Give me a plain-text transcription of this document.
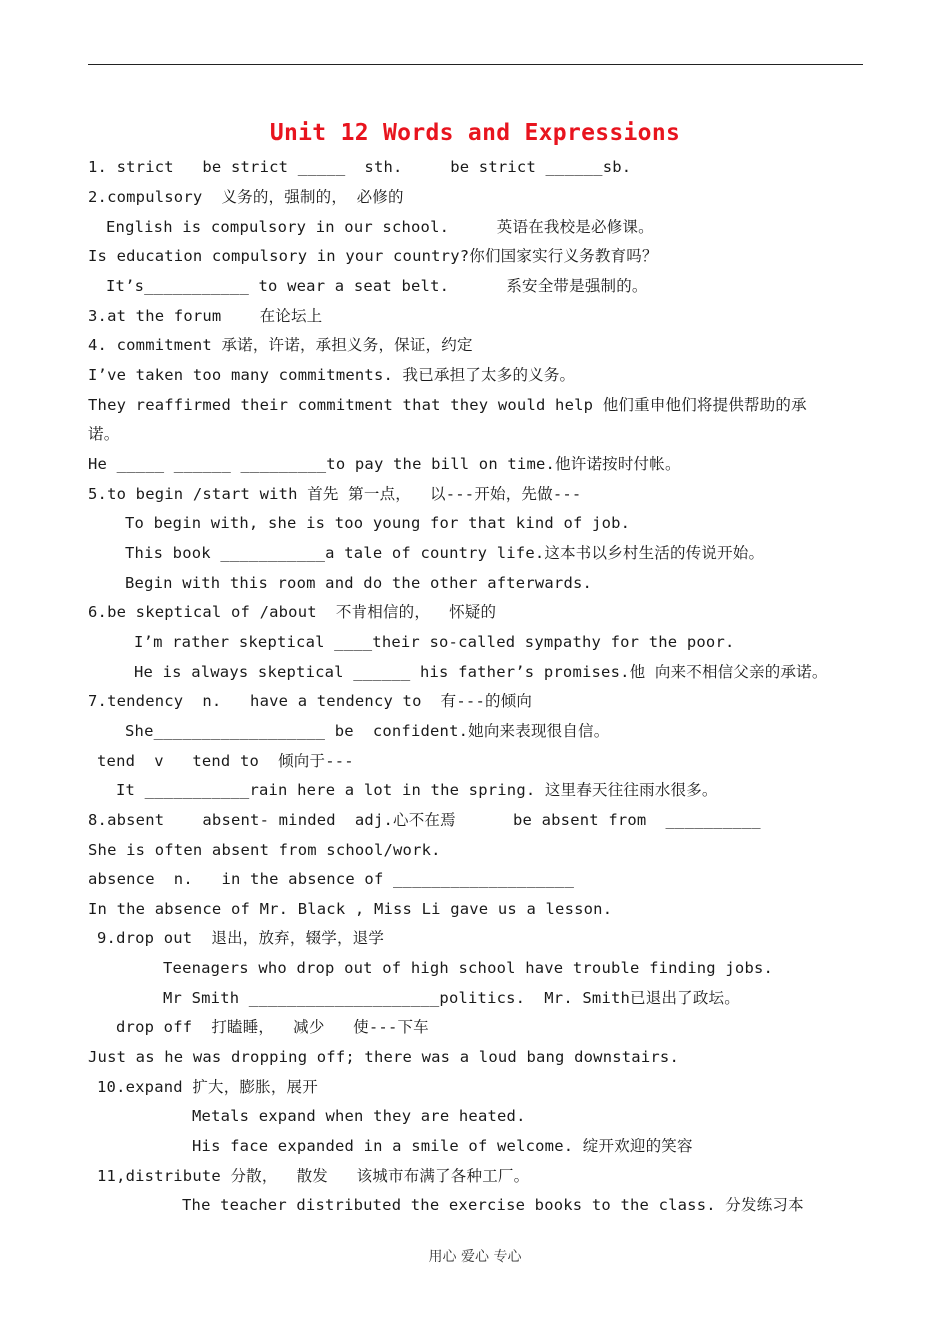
Unit 12 Words and Expressions
1. strict   be strict _____  sth.     be strict ______sb.
2.compulsory  义务的，强制的， 必修的
English is compulsory in our school.     英语在我校是必修课。
Is education compulsory in your country?你们国家实行义务教育吗？
It’s___________ to wear a seat belt.      系安全带是强制的。
3.at the forum    在论坛上
4. commitment 承诺，许诺，承担义务，保证，约定
I’ve taken too many commitments. 我已承担了太多的义务。
They reaffirmed their commitment that they would help 他们重申他们将提供帮助的承
诺。
He _____ ______ _________to pay the bill on time.他许诺按时付帐。
5.to begin /start with 首先 第一点，  以---开始，先做---
To begin with, she is too young for that kind of job.
This book ___________a tale of country life.这本书以乡村生活的传说开始。
Begin with this room and do the other afterwards.
6.be skeptical of /about  不肯相信的，  怀疑的
I’m rather skeptical ____their so-called sympathy for the poor.
He is always skeptical ______ his father’s promises.他 向来不相信父亲的承诺。
7.tendency  n.   have a tendency to  有---的倾向
She__________________ be  confident.她向来表现很自信。
tend  v   tend to  倾向于---
It ___________rain here a lot in the spring. 这里春天往往雨水很多。
8.absent    absent- minded  adj.心不在焉      be absent from  __________
She is often absent from school/work.
absence  n.   in the absence of ___________________
In the absence of Mr. Black , Miss Li gave us a lesson.
9.drop out  退出，放弃，辍学，退学
Teenagers who drop out of high school have trouble finding jobs.
Mr Smith ____________________politics.  Mr. Smith已退出了政坛。
drop off  打瞌睡，  减少   使---下车
Just as he was dropping off; there was a loud bang downstairs.
10.expand 扩大，膨胀，展开
Metals expand when they are heated.
His face expanded in a smile of welcome. 绽开欢迎的笑容
11,distribute 分散，  散发   该城市布满了各种工厂。
The teacher distributed the exercise books to the class. 分发练习本
用心 爱心 专心
